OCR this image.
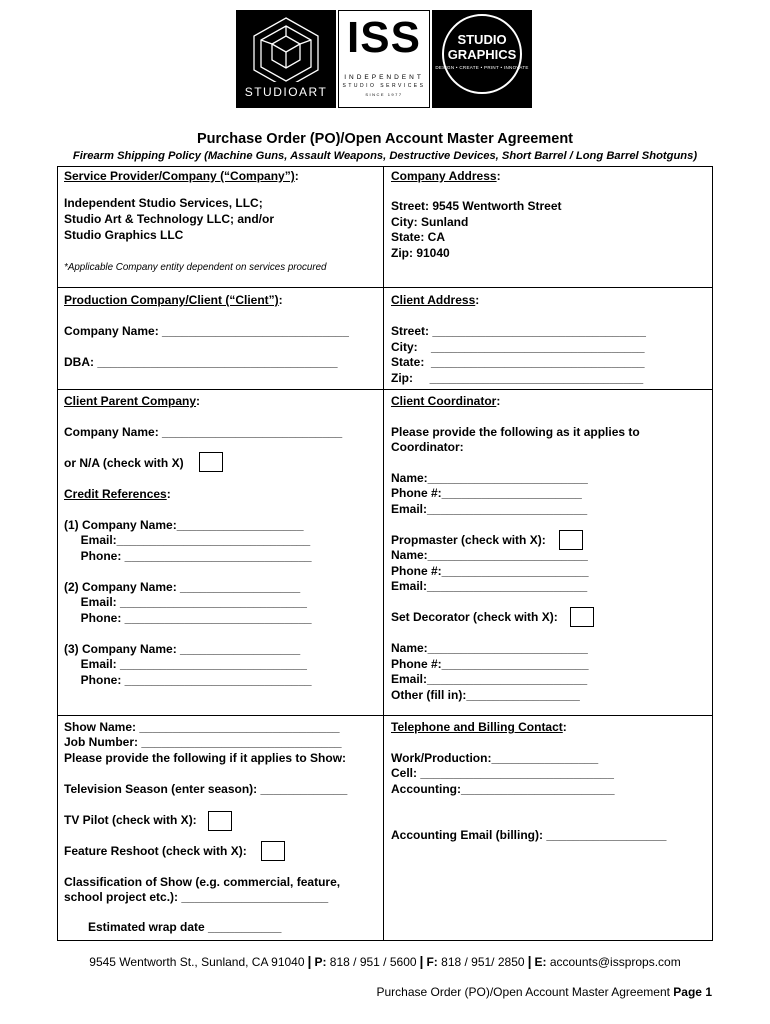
STUDIOART
TECHNOLOGY
ISS
INDEPENDENT
STUDIO SERVICES
SINCE 1977
STUDIO
GRAPHICS
DESIGN • CREATE • PRINT • INNOVATE
Purchase Order (PO)/Open Account Master Agreement
Firearm Shipping Policy (Machine Guns, Assault Weapons, Destructive Devices, Short Barrel / Long Barrel Shotguns)
Service Provider/Company (“Company”):
Independent Studio Services, LLC;
Studio Art & Technology LLC; and/or
Studio Graphics LLC
*Applicable Company entity dependent on services procured
Company Address:
Street: 9545 Wentworth Street
City: Sunland
State: CA
Zip: 91040
Production Company/Client (“Client”):
Company Name: ____________________________
DBA: ____________________________________
Client Address:
Street: ________________________________
City:    ________________________________
State:  ________________________________
Zip:     ________________________________
Client Parent Company:
Company Name: ___________________________
or N/A (check with X)
Credit References:
(1) Company Name:___________________
Email:_____________________________
Phone: ____________________________
(2) Company Name: __________________
Email: ____________________________
Phone: ____________________________
(3) Company Name: __________________
Email: ____________________________
Phone: ____________________________
Client Coordinator:
Please provide the following as it applies to
Coordinator:
Name:________________________
Phone #:_____________________
Email:________________________
Propmaster (check with X):
Name:________________________
Phone #:______________________
Email:________________________
Set Decorator (check with X):
Name:________________________
Phone #:______________________
Email:________________________
Other (fill in):_________________
Show Name: ______________________________
Job Number: ______________________________
Please provide the following if it applies to Show:
Television Season (enter season): _____________
TV Pilot (check with X):
Feature Reshoot (check with X):
Classification of Show (e.g. commercial, feature,
school project etc.): ______________________
Estimated wrap date ___________
Telephone and Billing Contact:
Work/Production:________________
Cell: _____________________________
Accounting:_______________________
Accounting Email (billing): __________________
9545 Wentworth St., Sunland, CA 91040 | P: 818 / 951 / 5600 | F: 818 / 951/ 2850 | E: accounts@issprops.com
Purchase Order (PO)/Open Account Master Agreement Page 1
